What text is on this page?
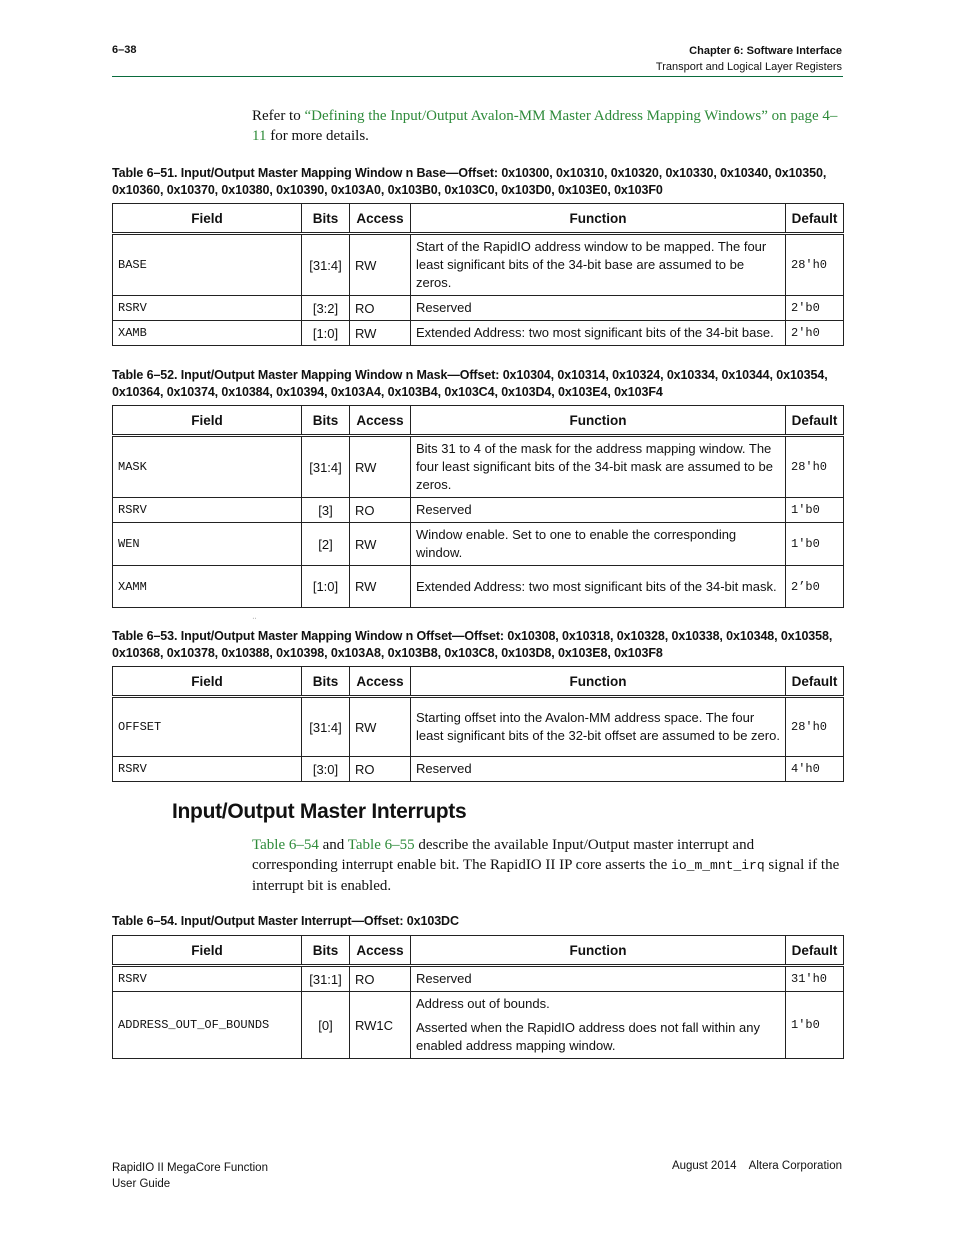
6–38	Chapter 6: Software Interface
Transport and Logical Layer Registers
Refer to “Defining the Input/Output Avalon-MM Master Address Mapping Windows” on page 4–11 for more details.
Table 6–51. Input/Output Master Mapping Window n Base—Offset: 0x10300, 0x10310, 0x10320, 0x10330, 0x10340, 0x10350, 0x10360, 0x10370, 0x10380, 0x10390, 0x103A0, 0x103B0, 0x103C0, 0x103D0, 0x103E0, 0x103F0
Field	Bits	Access	Function	Default
BASE	[31:4]	RW	Start of the RapidIO address window to be mapped. The four least significant bits of the 34-bit base are assumed to be zeros.	28'h0
RSRV	[3:2]	RO	Reserved	2'b0
XAMB	[1:0]	RW	Extended Address: two most significant bits of the 34-bit base.	2'h0
Table 6–52. Input/Output Master Mapping Window n Mask—Offset: 0x10304, 0x10314, 0x10324, 0x10334, 0x10344, 0x10354, 0x10364, 0x10374, 0x10384, 0x10394, 0x103A4, 0x103B4, 0x103C4, 0x103D4, 0x103E4, 0x103F4
Field	Bits	Access	Function	Default
MASK	[31:4]	RW	Bits 31 to 4 of the mask for the address mapping window. The four least significant bits of the 34-bit mask are assumed to be zeros.	28'h0
RSRV	[3]	RO	Reserved	1'b0
WEN	[2]	RW	Window enable. Set to one to enable the corresponding window.	1'b0
XAMM	[1:0]	RW	Extended Address: two most significant bits of the 34-bit mask.	2’b0
ˈˈ
Table 6–53. Input/Output Master Mapping Window n Offset—Offset: 0x10308, 0x10318, 0x10328, 0x10338, 0x10348, 0x10358, 0x10368, 0x10378, 0x10388, 0x10398, 0x103A8, 0x103B8, 0x103C8, 0x103D8, 0x103E8, 0x103F8
Field	Bits	Access	Function	Default
OFFSET	[31:4]	RW	Starting offset into the Avalon-MM address space. The four least significant bits of the 32-bit offset are assumed to be zero.	28'h0
RSRV	[3:0]	RO	Reserved	4'h0
Input/Output Master Interrupts
Table 6–54 and Table 6–55 describe the available Input/Output master interrupt and corresponding interrupt enable bit. The RapidIO II IP core asserts the io_m_mnt_irq signal if the interrupt bit is enabled.
Table 6–54. Input/Output Master Interrupt—Offset: 0x103DC
Field	Bits	Access	Function	Default
RSRV	[31:1]	RO	Reserved	31'h0
ADDRESS_OUT_OF_BOUNDS	[0]	RW1C	Address out of bounds.
Asserted when the RapidIO address does not fall within any enabled address mapping window.	1'b0
RapidIO II MegaCore Function
User Guide
August 2014    Altera Corporation
